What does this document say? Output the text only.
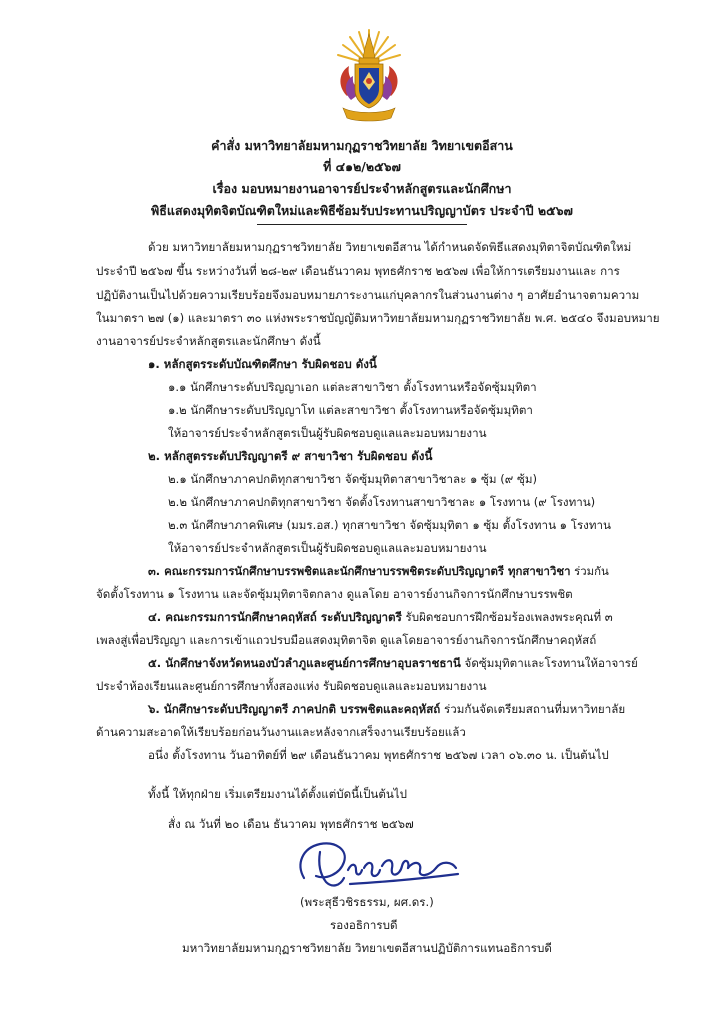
คำสั่ง มหาวิทยาลัยมหามกุฏราชวิทยาลัย วิทยาเขตอีสาน
ที่ ๔๑๒/๒๕๖๗
เรื่อง มอบหมายงานอาจารย์ประจำหลักสูตรและนักศึกษา
พิธีแสดงมุทิตจิตบัณฑิตใหม่และพิธีซ้อมรับประทานปริญญาบัตร ประจำปี ๒๕๖๗
ด้วย มหาวิทยาลัยมหามกุฏราชวิทยาลัย วิทยาเขตอีสาน ได้กำหนดจัดพิธีแสดงมุทิตาจิตบัณฑิตใหม่
ประจำปี ๒๕๖๗ ขึ้น ระหว่างวันที่ ๒๘-๒๙ เดือนธันวาคม พุทธศักราช ๒๕๖๗ เพื่อให้การเตรียมงานและ การ
ปฏิบัติงานเป็นไปด้วยความเรียบร้อยจึงมอบหมายภาระงานแก่บุคลากรในส่วนงานต่าง ๆ อาศัยอำนาจตามความ
ในมาตรา ๒๗ (๑) และมาตรา ๓๐ แห่งพระราชบัญญัติมหาวิทยาลัยมหามกุฏราชวิทยาลัย พ.ศ. ๒๕๔๐ จึงมอบหมาย
งานอาจารย์ประจำหลักสูตรและนักศึกษา ดังนี้
๑. หลักสูตรระดับบัณฑิตศึกษา รับผิดชอบ ดังนี้
๑.๑ นักศึกษาระดับปริญญาเอก แต่ละสาขาวิชา ตั้งโรงทานหรือจัดซุ้มมุทิตา
๑.๒ นักศึกษาระดับปริญญาโท แต่ละสาขาวิชา ตั้งโรงทานหรือจัดซุ้มมุทิตา
ให้อาจารย์ประจำหลักสูตรเป็นผู้รับผิดชอบดูแลและมอบหมายงาน
๒. หลักสูตรระดับปริญญาตรี ๙ สาขาวิชา รับผิดชอบ ดังนี้
๒.๑ นักศึกษาภาคปกติทุกสาขาวิชา จัดซุ้มมุทิตาสาขาวิชาละ ๑ ซุ้ม (๙ ซุ้ม)
๒.๒ นักศึกษาภาคปกติทุกสาขาวิชา จัดตั้งโรงทานสาขาวิชาละ ๑ โรงทาน (๙ โรงทาน)
๒.๓ นักศึกษาภาคพิเศษ (มมร.อส.) ทุกสาขาวิชา จัดซุ้มมุทิตา ๑ ซุ้ม ตั้งโรงทาน ๑ โรงทาน
ให้อาจารย์ประจำหลักสูตรเป็นผู้รับผิดชอบดูแลและมอบหมายงาน
๓. คณะกรรมการนักศึกษาบรรพชิตและนักศึกษาบรรพชิตระดับปริญญาตรี ทุกสาขาวิชา ร่วมกัน
จัดตั้งโรงทาน ๑ โรงทาน และจัดซุ้มมุทิตาจิตกลาง ดูแลโดย อาจารย์งานกิจการนักศึกษาบรรพชิต
๔. คณะกรรมการนักศึกษาคฤหัสถ์ ระดับปริญญาตรี รับผิดชอบการฝึกซ้อมร้องเพลงพระคุณที่ ๓
เพลงสู่เพื่อปริญญา และการเข้าแถวปรบมือแสดงมุทิตาจิต ดูแลโดยอาจารย์งานกิจการนักศึกษาคฤหัสถ์
๕. นักศึกษาจังหวัดหนองบัวลำภูและศูนย์การศึกษาอุบลราชธานี จัดซุ้มมุทิตาและโรงทานให้อาจารย์
ประจำห้องเรียนและศูนย์การศึกษาทั้งสองแห่ง รับผิดชอบดูแลและมอบหมายงาน
๖. นักศึกษาระดับปริญญาตรี ภาคปกติ บรรพชิตและคฤหัสถ์ ร่วมกันจัดเตรียมสถานที่มหาวิทยาลัย
ด้านความสะอาดให้เรียบร้อยก่อนวันงานและหลังจากเสร็จงานเรียบร้อยแล้ว
อนึ่ง ตั้งโรงทาน วันอาทิตย์ที่ ๒๙ เดือนธันวาคม พุทธศักราช ๒๕๖๗ เวลา ๐๖.๓๐ น. เป็นต้นไป
ทั้งนี้ ให้ทุกฝ่าย เริ่มเตรียมงานได้ตั้งแต่บัดนี้เป็นต้นไป
สั่ง ณ วันที่ ๒๐ เดือน ธันวาคม พุทธศักราช ๒๕๖๗
(พระสุธีวชิรธรรม, ผศ.ดร.)
รองอธิการบดี
มหาวิทยาลัยมหามกุฏราชวิทยาลัย วิทยาเขตอีสานปฏิบัติการแทนอธิการบดี
